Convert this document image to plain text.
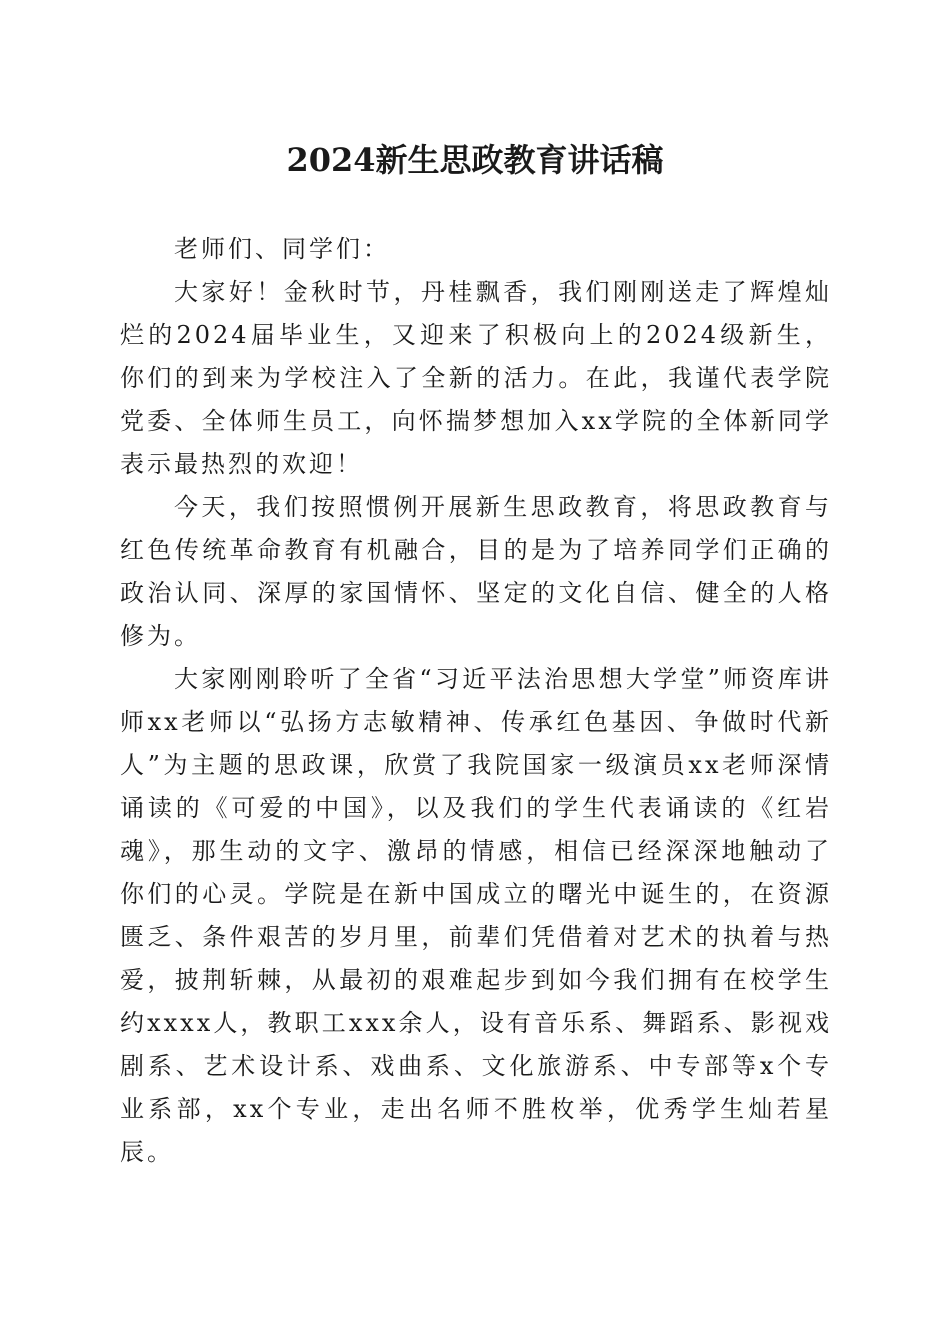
2024新生思政教育讲话稿

老师们、同学们：

大家好！金秋时节，丹桂飘香，我们刚刚送走了辉煌灿烂的2024届毕业生，又迎来了积极向上的2024级新生，你们的到来为学校注入了全新的活力。在此，我谨代表学院党委、全体师生员工，向怀揣梦想加入xx学院的全体新同学表示最热烈的欢迎！

今天，我们按照惯例开展新生思政教育，将思政教育与红色传统革命教育有机融合，目的是为了培养同学们正确的政治认同、深厚的家国情怀、坚定的文化自信、健全的人格修为。

大家刚刚聆听了全省“习近平法治思想大学堂”师资库讲师xx老师以“弘扬方志敏精神、传承红色基因、争做时代新人”为主题的思政课，欣赏了我院国家一级演员xx老师深情诵读的《可爱的中国》，以及我们的学生代表诵读的《红岩魂》，那生动的文字、激昂的情感，相信已经深深地触动了你们的心灵。学院是在新中国成立的曙光中诞生的，在资源匮乏、条件艰苦的岁月里，前辈们凭借着对艺术的执着与热爱，披荆斩棘，从最初的艰难起步到如今我们拥有在校学生约xxxx人，教职工xxx余人，设有音乐系、舞蹈系、影视戏剧系、艺术设计系、戏曲系、文化旅游系、中专部等x个专业系部，xx个专业，走出名师不胜枚举，优秀学生灿若星辰。
